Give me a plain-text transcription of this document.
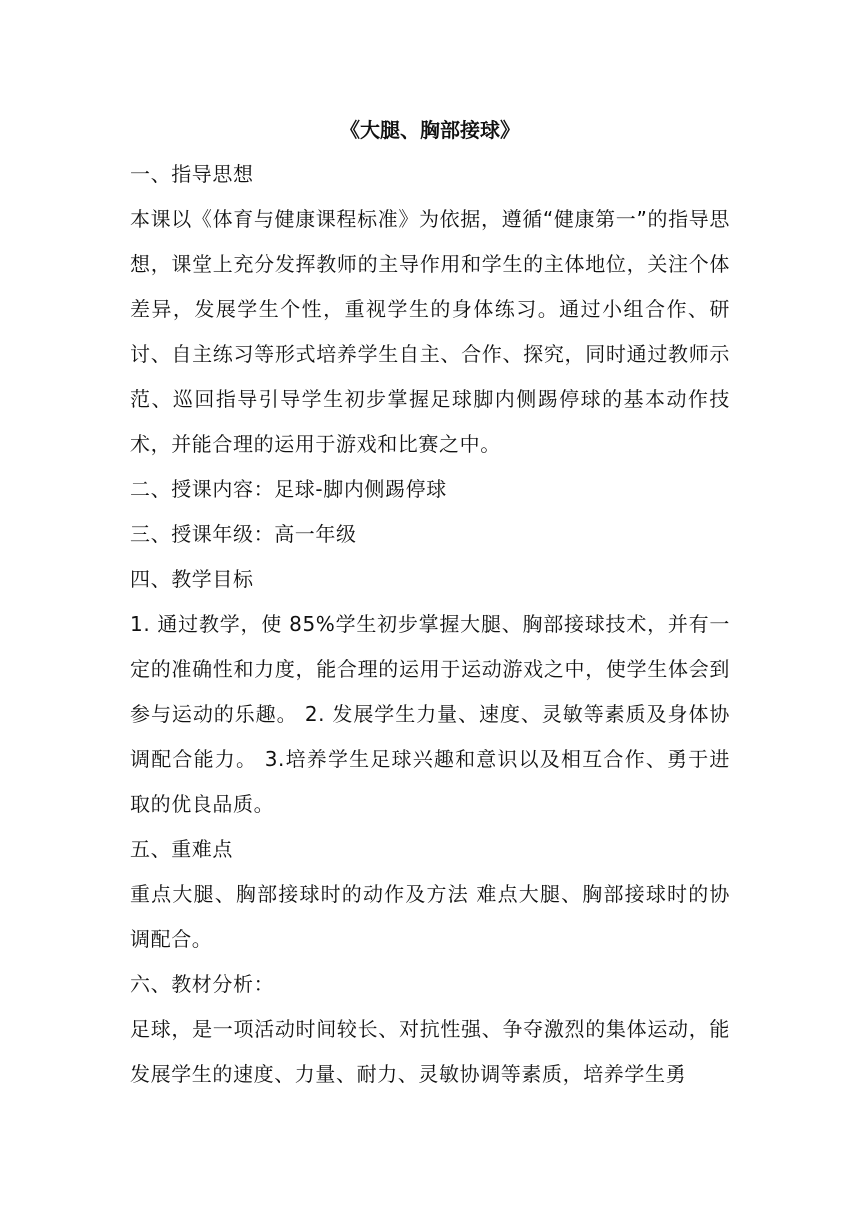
《大腿、胸部接球》

一、指导思想

本课以《体育与健康课程标准》为依据，遵循“健康第一”的指导思想，课堂上充分发挥教师的主导作用和学生的主体地位，关注个体差异，发展学生个性，重视学生的身体练习。通过小组合作、研讨、自主练习等形式培养学生自主、合作、探究，同时通过教师示范、巡回指导引导学生初步掌握足球脚内侧踢停球的基本动作技术，并能合理的运用于游戏和比赛之中。

二、授课内容：足球-脚内侧踢停球

三、授课年级：高一年级

四、教学目标

1. 通过教学，使 85%学生初步掌握大腿、胸部接球技术，并有一定的准确性和力度，能合理的运用于运动游戏之中，使学生体会到参与运动的乐趣。 2. 发展学生力量、速度、灵敏等素质及身体协调配合能力。 3.培养学生足球兴趣和意识以及相互合作、勇于进取的优良品质。

五、重难点

重点大腿、胸部接球时的动作及方法 难点大腿、胸部接球时的协调配合。

六、教材分析：

足球，是一项活动时间较长、对抗性强、争夺激烈的集体运动，能发展学生的速度、力量、耐力、灵敏协调等素质，培养学生勇
